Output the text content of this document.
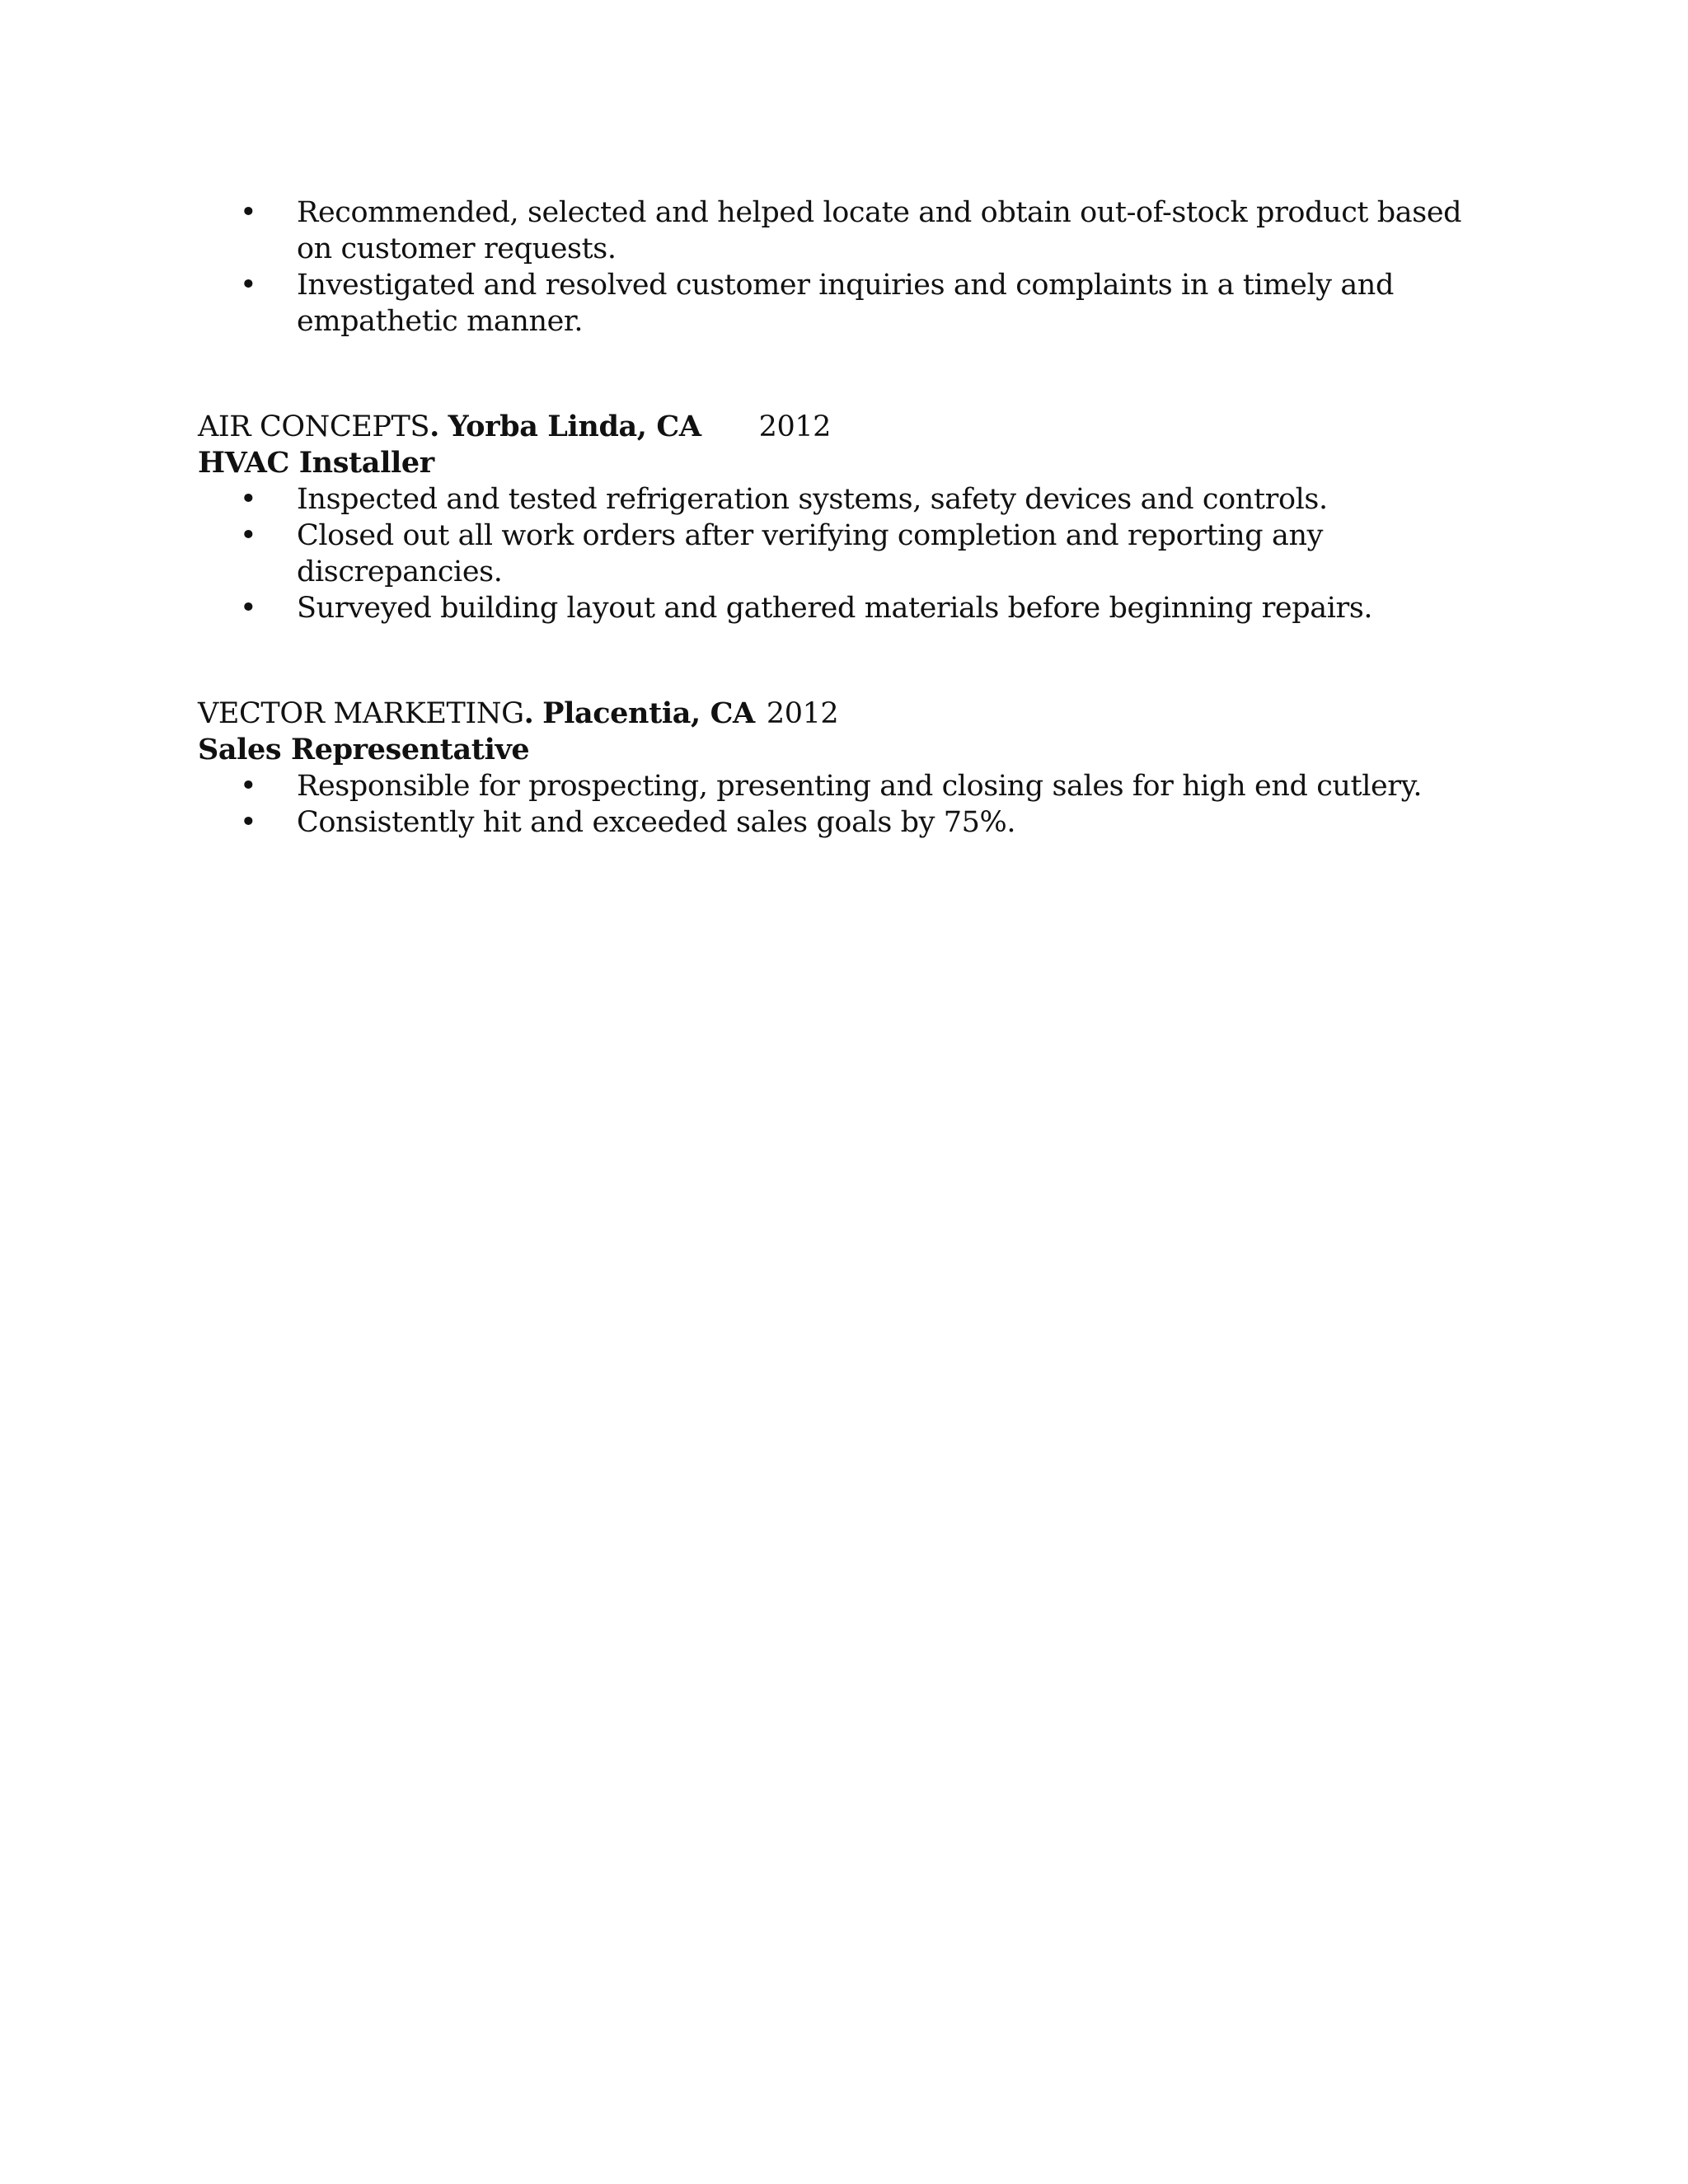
• Recommended, selected and helped locate and obtain out-of-stock product based on customer requests.
• Investigated and resolved customer inquiries and complaints in a timely and empathetic manner.
AIR CONCEPTS. Yorba Linda, CA 2012
HVAC Installer
• Inspected and tested refrigeration systems, safety devices and controls.
• Closed out all work orders after verifying completion and reporting any discrepancies.
• Surveyed building layout and gathered materials before beginning repairs.
VECTOR MARKETING. Placentia, CA 2012
Sales Representative
• Responsible for prospecting, presenting and closing sales for high end cutlery.
• Consistently hit and exceeded sales goals by 75%.
